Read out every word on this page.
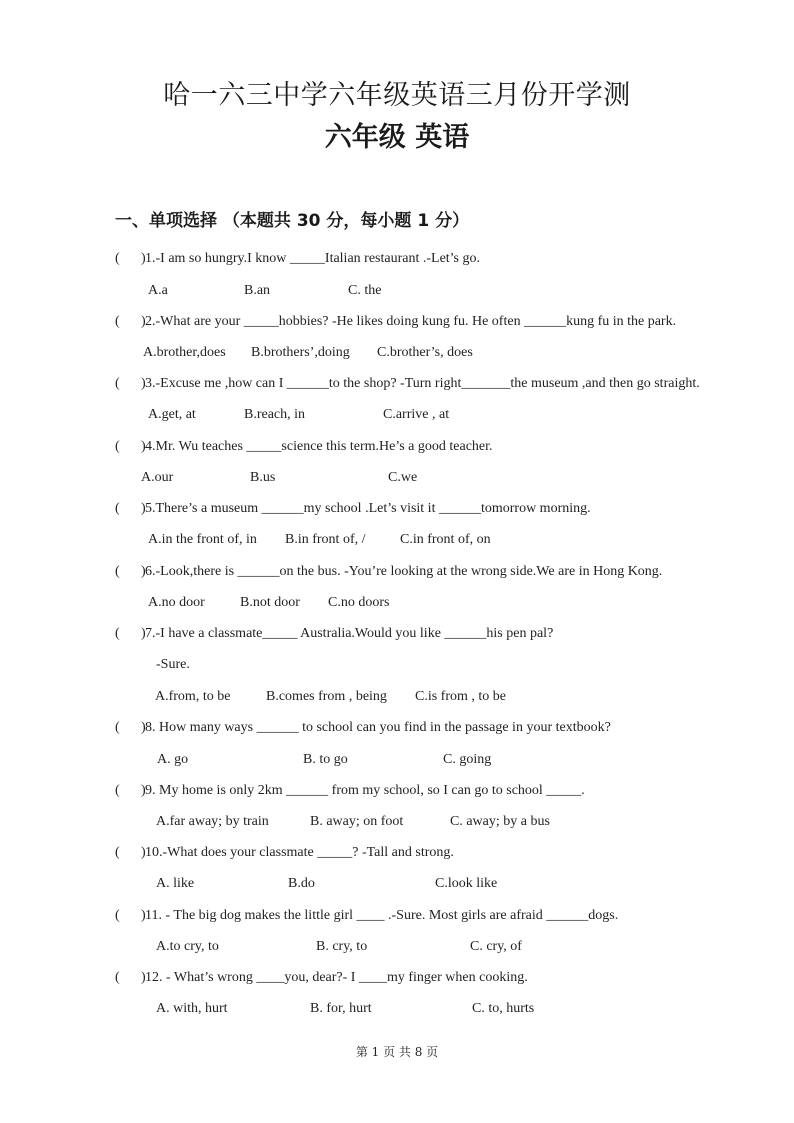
哈一六三中学六年级英语三月份开学测
六年级 英语
一、单项选择 （本题共 30 分，每小题 1 分）
( ) 1.-I am so hungry.I know _____Italian restaurant .-Let’s go.
A.a	B.an	C. the
( ) 2.-What are your _____hobbies? -He likes doing kung fu. He often ______kung fu in the park.
A.brother,does B.brothers’,doing C.brother’s, does
( ) 3.-Excuse me ,how can I ______to the shop? -Turn right_______the museum ,and then go straight.
A.get, at	B.reach, in	C.arrive , at
( ) 4.Mr. Wu teaches _____science this term.He’s a good teacher.
A.our	B.us	C.we
( ) 5.There’s a museum ______my school .Let’s visit it ______tomorrow morning.
A.in the front of, in B.in front of, / C.in front of, on
( ) 6.-Look,there is ______on the bus. -You’re looking at the wrong side.We are in Hong Kong.
A.no door	B.not door C.no doors
( ) 7.-I have a classmate_____ Australia.Would you like ______his pen pal?
-Sure.
A.from, to be	B.comes from , being C.is from , to be
( ) 8. How many ways ______ to school can you find in the passage in your textbook?
A. go	B. to go	C. going
( ) 9. My home is only 2km ______ from my school, so I can go to school _____.
A.far away; by train	B. away; on foot	C. away; by a bus
( ) 10.-What does your classmate _____? -Tall and strong.
A. like	B.do	C.look like
( ) 11. - The big dog makes the little girl ____ .-Sure. Most girls are afraid ______dogs.
A.to cry, to	B. cry, to	C. cry, of
( ) 12. - What’s wrong ____you, dear?- I ____my finger when cooking.
A. with, hurt	B. for, hurt	C. to, hurts
第 1 页 共 8 页
